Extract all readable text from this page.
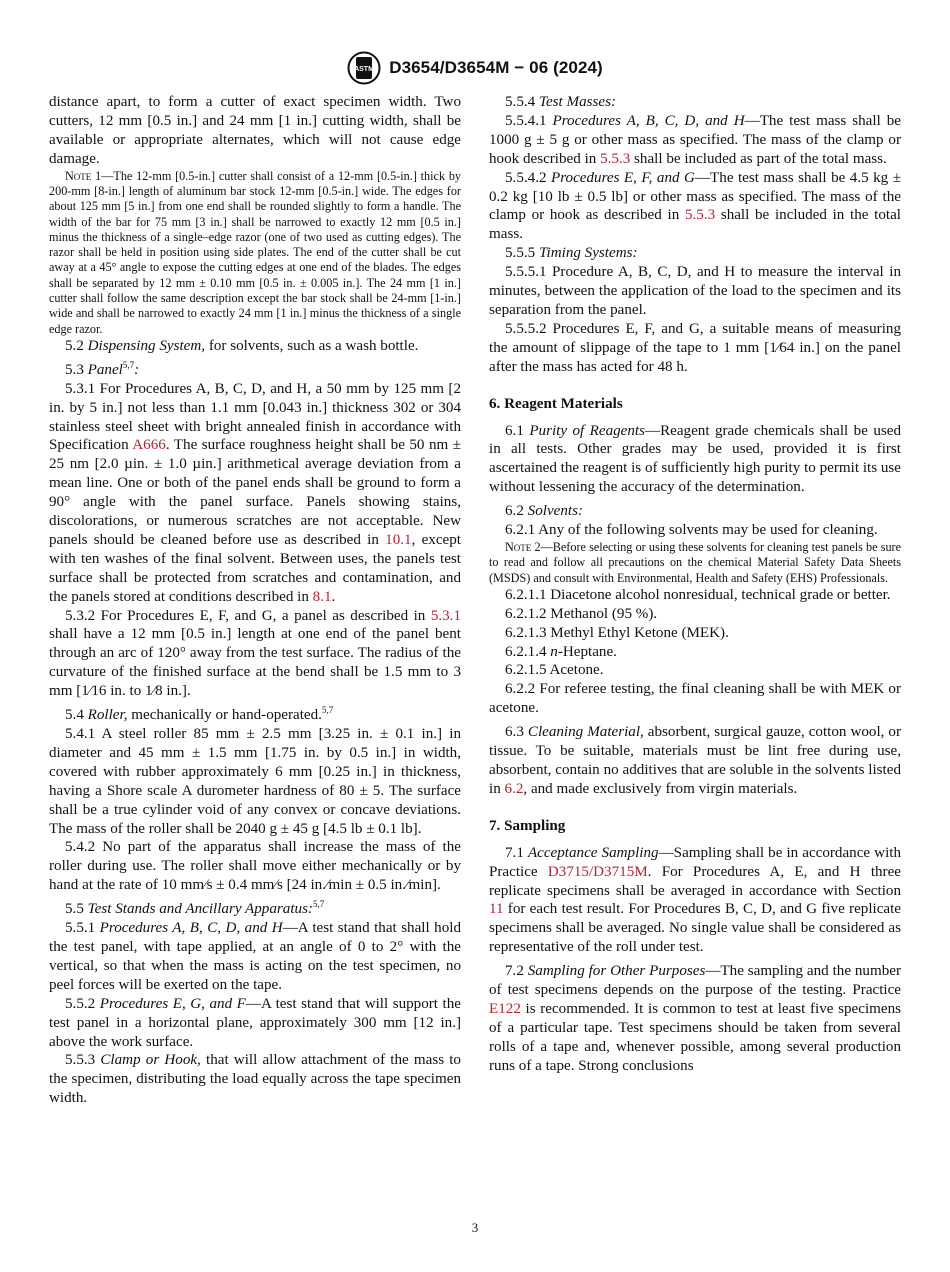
ASTM D3654/D3654M − 06 (2024)

distance apart, to form a cutter of exact specimen width. Two cutters, 12 mm [0.5 in.] and 24 mm [1 in.] cutting width, shall be available or appropriate alternates, which will not cause edge damage.

Note 1—The 12-mm [0.5-in.] cutter shall consist of a 12-mm [0.5-in.] thick by 200-mm [8-in.] length of aluminum bar stock 12-mm [0.5-in.] wide. The edges for about 125 mm [5 in.] from one end shall be rounded slightly to form a handle. The width of the bar for 75 mm [3 in.] shall be narrowed to exactly 12 mm [0.5 in.] minus the thickness of a single–edge razor (one of two used as cutting edges). The razor shall be held in position using side plates. The end of the cutter shall be cut away at a 45° angle to expose the cutting edges at one end of the blades. The edges shall be separated by 12 mm ± 0.10 mm [0.5 in. ± 0.005 in.]. The 24 mm [1 in.] cutter shall follow the same description except the bar stock shall be 24-mm [1-in.] wide and shall be narrowed to exactly 24 mm [1 in.] minus the thickness of a single edge razor.

5.2 Dispensing System, for solvents, such as a wash bottle.

5.3 Panel$^{5,7}$:

5.3.1 For Procedures A, B, C, D, and H, a 50 mm by 125 mm [2 in. by 5 in.] not less than 1.1 mm [0.043 in.] thickness 302 or 304 stainless steel sheet with bright annealed finish in accordance with Specification A666. The surface roughness height shall be 50 nm ± 25 nm [2.0 µin. ± 1.0 µin.] arithmetical average deviation from a mean line. One or both of the panel ends shall be ground to form a 90° angle with the panel surface. Panels showing stains, discolorations, or numerous scratches are not acceptable. New panels should be cleaned before use as described in 10.1, except with ten washes of the final solvent. Between uses, the panels test surface shall be protected from scratches and contamination, and the panels stored at conditions described in 8.1.

5.3.2 For Procedures E, F, and G, a panel as described in 5.3.1 shall have a 12 mm [0.5 in.] length at one end of the panel bent through an arc of 120° away from the test surface. The radius of the curvature of the finished surface at the bend shall be 1.5 mm to 3 mm [1⁄16 in. to 1⁄8 in.].

5.4 Roller, mechanically or hand-operated.$^{5,7}$

5.4.1 A steel roller 85 mm ± 2.5 mm [3.25 in. ± 0.1 in.] in diameter and 45 mm ± 1.5 mm [1.75 in. by 0.5 in.] in width, covered with rubber approximately 6 mm [0.25 in.] in thickness, having a Shore scale A durometer hardness of 80 ± 5. The surface shall be a true cylinder void of any convex or concave deviations. The mass of the roller shall be 2040 g ± 45 g [4.5 lb ± 0.1 lb].

5.4.2 No part of the apparatus shall increase the mass of the roller during use. The roller shall move either mechanically or by hand at the rate of 10 mm⁄s ± 0.4 mm⁄s [24 in.⁄min ± 0.5 in.⁄min].

5.5 Test Stands and Ancillary Apparatus:$^{5,7}$

5.5.1 Procedures A, B, C, D, and H—A test stand that shall hold the test panel, with tape applied, at an angle of 0 to 2° with the vertical, so that when the mass is acting on the test specimen, no peel forces will be exerted on the tape.

5.5.2 Procedures E, G, and F—A test stand that will support the test panel in a horizontal plane, approximately 300 mm [12 in.] above the work surface.

5.5.3 Clamp or Hook, that will allow attachment of the mass to the specimen, distributing the load equally across the tape specimen width.

5.5.4 Test Masses:

5.5.4.1 Procedures A, B, C, D, and H—The test mass shall be 1000 g ± 5 g or other mass as specified. The mass of the clamp or hook described in 5.5.3 shall be included as part of the total mass.

5.5.4.2 Procedures E, F, and G—The test mass shall be 4.5 kg ± 0.2 kg [10 lb ± 0.5 lb] or other mass as specified. The mass of the clamp or hook as described in 5.5.3 shall be included in the total mass.

5.5.5 Timing Systems:

5.5.5.1 Procedure A, B, C, D, and H to measure the interval in minutes, between the application of the load to the specimen and its separation from the panel.

5.5.5.2 Procedures E, F, and G, a suitable means of measuring the amount of slippage of the tape to 1 mm [1⁄64 in.] on the panel after the mass has acted for 48 h.

6. Reagent Materials

6.1 Purity of Reagents—Reagent grade chemicals shall be used in all tests. Other grades may be used, provided it is first ascertained the reagent is of sufficiently high purity to permit its use without lessening the accuracy of the determination.

6.2 Solvents:

6.2.1 Any of the following solvents may be used for cleaning.

Note 2—Before selecting or using these solvents for cleaning test panels be sure to read and follow all precautions on the chemical Material Safety Data Sheets (MSDS) and consult with Environmental, Health and Safety (EHS) Professionals.

6.2.1.1 Diacetone alcohol nonresidual, technical grade or better.

6.2.1.2 Methanol (95 %).

6.2.1.3 Methyl Ethyl Ketone (MEK).

6.2.1.4 n-Heptane.

6.2.1.5 Acetone.

6.2.2 For referee testing, the final cleaning shall be with MEK or acetone.

6.3 Cleaning Material, absorbent, surgical gauze, cotton wool, or tissue. To be suitable, materials must be lint free during use, absorbent, contain no additives that are soluble in the solvents listed in 6.2, and made exclusively from virgin materials.

7. Sampling

7.1 Acceptance Sampling—Sampling shall be in accordance with Practice D3715/D3715M. For Procedures A, E, and H three replicate specimens shall be averaged in accordance with Section 11 for each test result. For Procedures B, C, D, and G five replicate specimens shall be averaged. No single value shall be considered as representative of the roll under test.

7.2 Sampling for Other Purposes—The sampling and the number of test specimens depends on the purpose of the testing. Practice E122 is recommended. It is common to test at least five specimens of a particular tape. Test specimens should be taken from several rolls of a tape and, whenever possible, among several production runs of a tape. Strong conclusions

3
